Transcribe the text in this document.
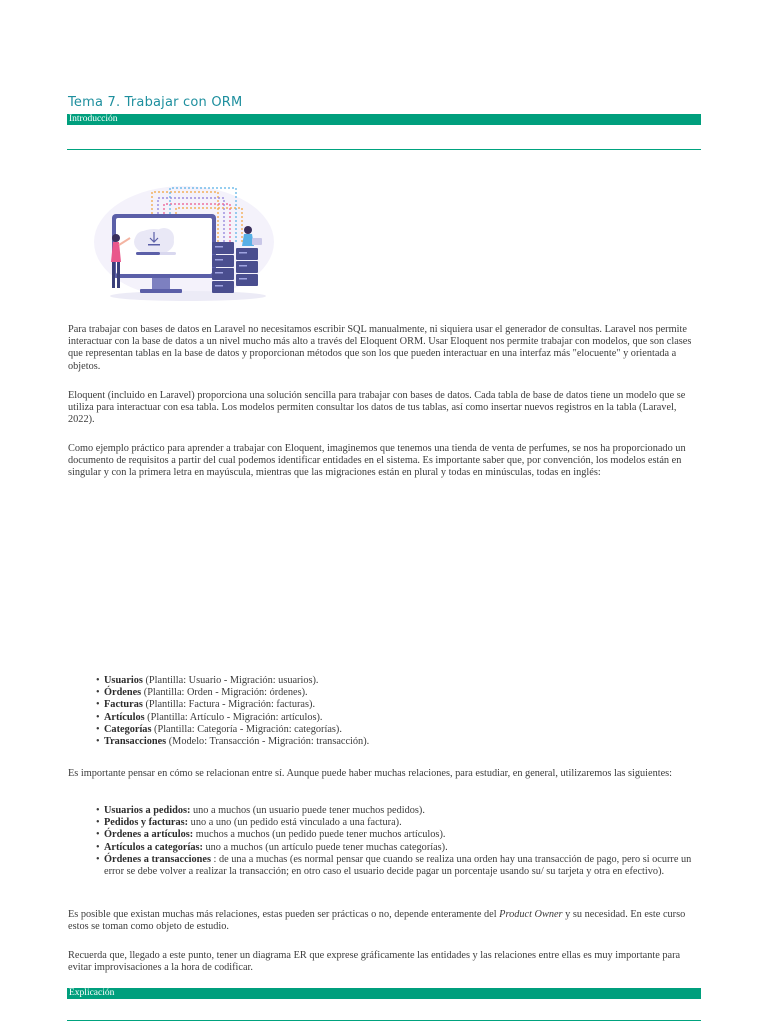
Tema 7. Trabajar con ORM
Introducción

Para trabajar con bases de datos en Laravel no necesitamos escribir SQL manualmente, ni siquiera usar el generador de consultas. Laravel nos permite interactuar con la base de datos a un nivel mucho más alto a través del Eloquent ORM. Usar Eloquent nos permite trabajar con modelos, que son clases que representan tablas en la base de datos y proporcionan métodos que son los que pueden interactuar en una interfaz más "elocuente" y orientada a objetos.

Eloquent (incluido en Laravel) proporciona una solución sencilla para trabajar con bases de datos. Cada tabla de base de datos tiene un modelo que se utiliza para interactuar con esa tabla. Los modelos permiten consultar los datos de tus tablas, así como insertar nuevos registros en la tabla (Laravel, 2022).

Como ejemplo práctico para aprender a trabajar con Eloquent, imaginemos que tenemos una tienda de venta de perfumes, se nos ha proporcionado un documento de requisitos a partir del cual podemos identificar entidades en el sistema. Es importante saber que, por convención, los modelos están en singular y con la primera letra en mayúscula, mientras que las migraciones están en plural y todas en minúsculas, todas en inglés:

• Usuarios (Plantilla: Usuario - Migración: usuarios).
• Órdenes (Plantilla: Orden - Migración: órdenes).
• Facturas (Plantilla: Factura - Migración: facturas).
• Artículos (Plantilla: Artículo - Migración: artículos).
• Categorías (Plantilla: Categoría - Migración: categorías).
• Transacciones (Modelo: Transacción - Migración: transacción).

Es importante pensar en cómo se relacionan entre sí. Aunque puede haber muchas relaciones, para estudiar, en general, utilizaremos las siguientes:

• Usuarios a pedidos: uno a muchos (un usuario puede tener muchos pedidos).
• Pedidos y facturas: uno a uno (un pedido está vinculado a una factura).
• Órdenes a artículos: muchos a muchos (un pedido puede tener muchos artículos).
• Artículos a categorías: uno a muchos (un artículo puede tener muchas categorías).
• Órdenes a transacciones : de una a muchas (es normal pensar que cuando se realiza una orden hay una transacción de pago, pero si ocurre un error se debe volver a realizar la transacción; en otro caso el usuario decide pagar un porcentaje usando su/ su tarjeta y otra en efectivo).

Es posible que existan muchas más relaciones, estas pueden ser prácticas o no, depende enteramente del Product Owner y su necesidad. En este curso estos se toman como objeto de estudio.

Recuerda que, llegado a este punto, tener un diagrama ER que exprese gráficamente las entidades y las relaciones entre ellas es muy importante para evitar improvisaciones a la hora de codificar.

Explicación
